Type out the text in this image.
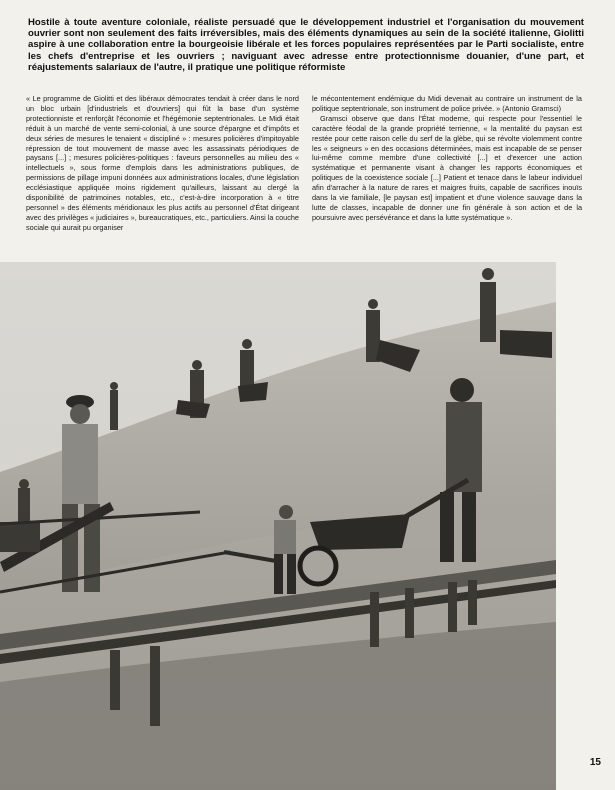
Hostile à toute aventure coloniale, réaliste persuadé que le développement industriel et l'organisation du mouvement ouvrier sont non seulement des faits irréversibles, mais des éléments dynamiques au sein de la société italienne, Giolitti aspire à une collaboration entre la bourgeoisie libérale et les forces populaires représentées par le Parti socialiste, entre les chefs d'entreprise et les ouvriers ; naviguant avec adresse entre protectionnisme douanier, d'une part, et réajustements salariaux de l'autre, il pratique une politique réformiste

« Le programme de Giolitti et des libéraux démocrates tendait à créer dans le nord un bloc urbain [d'industriels et d'ouvriers] qui fût la base d'un système protectionniste et renforçât l'économie et l'hégémonie septentrionales. Le Midi était réduit à un marché de vente semi-colonial, à une source d'épargne et d'impôts et deux séries de mesures le tenaient « discipliné » : mesures policières d'impitoyable répression de tout mouvement de masse avec les assassinats périodiques de paysans [...] ; mesures policières-politiques : faveurs personnelles au milieu des « intellectuels », sous forme d'emplois dans les administrations publiques, de permissions de pillage impuni données aux administrations locales, d'une législation ecclésiastique appliquée moins rigidement qu'ailleurs, laissant au clergé la disponibilité de patrimoines notables, etc., c'est-à-dire incorporation à « titre personnel » des éléments méridionaux les plus actifs au personnel d'État dirigeant avec des privilèges « judiciaires », bureaucratiques, etc., particuliers. Ainsi la couche sociale qui aurait pu organiser

le mécontentement endémique du Midi devenait au contraire un instrument de la politique septentrionale, son instrument de police privée. » (Antonio Gramsci)

Gramsci observe que dans l'État moderne, qui respecte pour l'essentiel le caractère féodal de la grande propriété terrienne, « la mentalité du paysan est restée pour cette raison celle du serf de la glèbe, qui se révolte violemment contre les « seigneurs » en des occasions déterminées, mais est incapable de se penser lui-même comme membre d'une collectivité [...] et d'exercer une action systématique et permanente visant à changer les rapports économiques et politiques de la coexistence sociale [...] Patient et tenace dans le labeur individuel afin d'arracher à la nature de rares et maigres fruits, capable de sacrifices inouïs dans la vie familiale, [le paysan est] impatient et d'une violence sauvage dans la lutte de classes, incapable de donner une fin générale à son action et de la poursuivre avec persévérance et dans la lutte systématique ».

15
